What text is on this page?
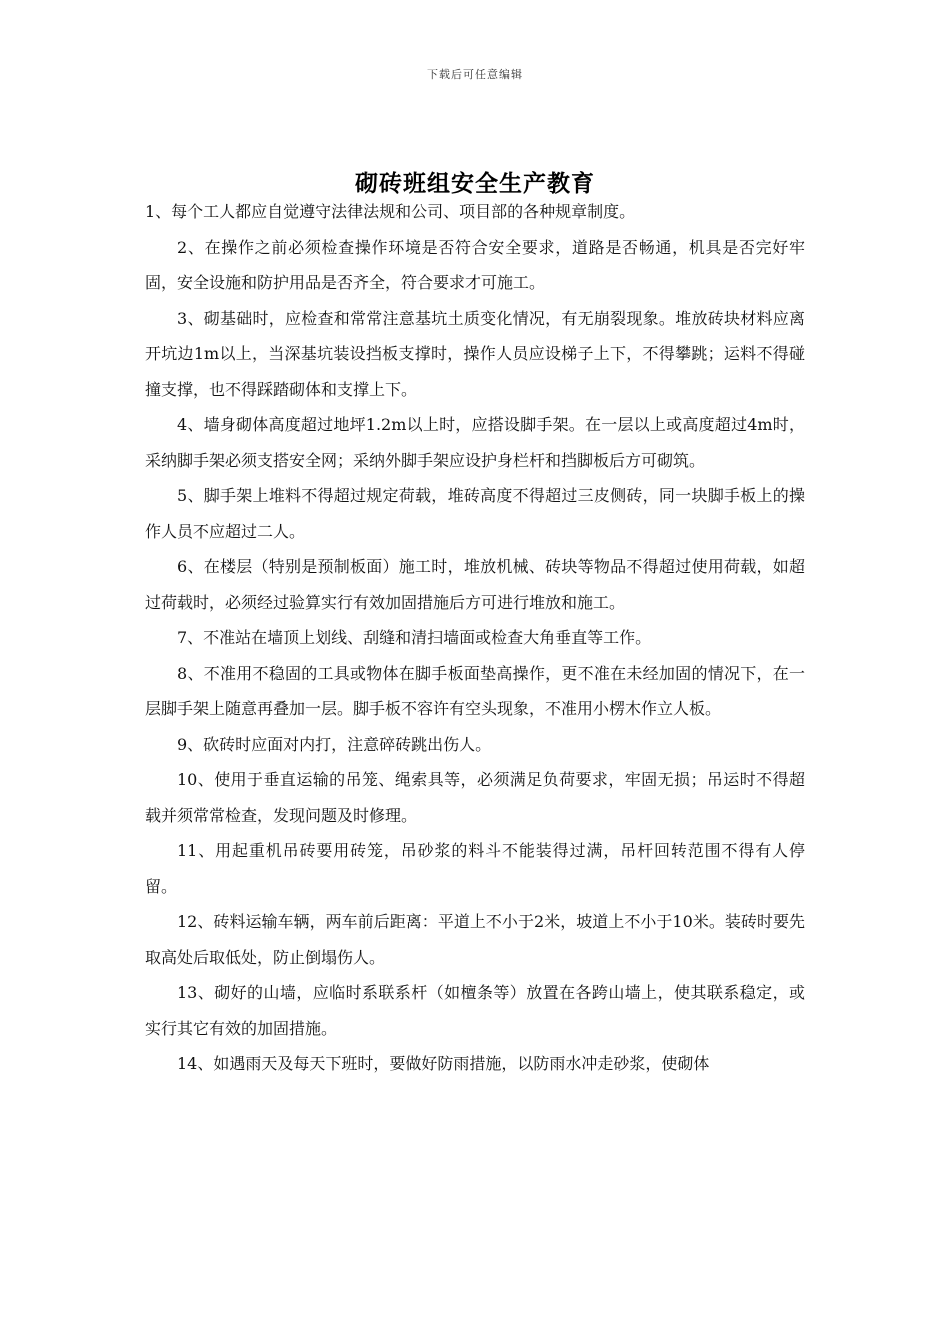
下载后可任意编辑
砌砖班组安全生产教育

1、每个工人都应自觉遵守法律法规和公司、项目部的各种规章制度。

2、在操作之前必须检查操作环境是否符合安全要求，道路是否畅通，机具是否完好牢固，安全设施和防护用品是否齐全，符合要求才可施工。

3、砌基础时，应检查和常常注意基坑土质变化情况，有无崩裂现象。堆放砖块材料应离开坑边1m以上，当深基坑装设挡板支撑时，操作人员应设梯子上下，不得攀跳；运料不得碰撞支撑，也不得踩踏砌体和支撑上下。

4、墙身砌体高度超过地坪1.2m以上时，应搭设脚手架。在一层以上或高度超过4m时，采纳脚手架必须支搭安全网；采纳外脚手架应设护身栏杆和挡脚板后方可砌筑。

5、脚手架上堆料不得超过规定荷载，堆砖高度不得超过三皮侧砖，同一块脚手板上的操作人员不应超过二人。

6、在楼层（特别是预制板面）施工时，堆放机械、砖块等物品不得超过使用荷载，如超过荷载时，必须经过验算实行有效加固措施后方可进行堆放和施工。

7、不准站在墙顶上划线、刮缝和清扫墙面或检查大角垂直等工作。

8、不准用不稳固的工具或物体在脚手板面垫高操作，更不准在未经加固的情况下，在一层脚手架上随意再叠加一层。脚手板不容许有空头现象，不准用小楞木作立人板。

9、砍砖时应面对内打，注意碎砖跳出伤人。

10、使用于垂直运输的吊笼、绳索具等，必须满足负荷要求，牢固无损；吊运时不得超载并须常常检查，发现问题及时修理。

11、用起重机吊砖要用砖笼，吊砂浆的料斗不能装得过满，吊杆回转范围不得有人停留。

12、砖料运输车辆，两车前后距离：平道上不小于2米，坡道上不小于10米。装砖时要先取高处后取低处，防止倒塌伤人。

13、砌好的山墙，应临时系联系杆（如檀条等）放置在各跨山墙上，使其联系稳定，或实行其它有效的加固措施。

14、如遇雨天及每天下班时，要做好防雨措施，以防雨水冲走砂浆，使砌体
